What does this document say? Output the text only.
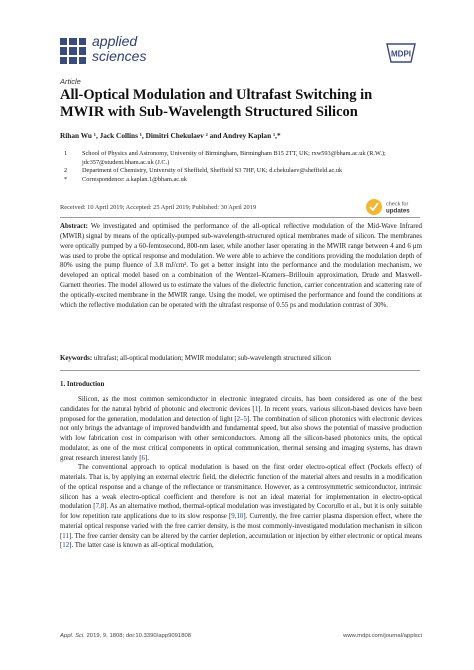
applied
sciences	MDPI
Article
All-Optical Modulation and Ultrafast Switching in MWIR with Sub-Wavelength Structured Silicon
Rihan Wu ¹, Jack Collins ¹, Dimitri Chekulaev ² and Andrey Kaplan ¹,*
1	School of Physics and Astronomy, University of Birmingham, Birmingham B15 2TT, UK; rxw593@bham.ac.uk (R.W.); jdc357@student.bham.ac.uk (J.C.)
2	Department of Chemistry, University of Sheffield, Sheffield S3 7HF, UK; d.chekulaev@sheffield.ac.uk
*	Correspondence: a.kaplan.1@bham.ac.uk
Received: 10 April 2019; Accepted: 25 April 2019; Published: 30 April 2019	check for
updates
Abstract: We investigated and optimised the performance of the all-optical reflective modulation of the Mid-Wave Infrared (MWIR) signal by means of the optically-pumped sub-wavelength-structured optical membranes made of silicon. The membranes were optically pumped by a 60-femtosecond, 800-nm laser, while another laser operating in the MWIR range between 4 and 6 µm was used to probe the optical response and modulation. We were able to achieve the conditions providing the modulation depth of 80% using the pump fluence of 3.8 mJ/cm². To get a better insight into the performance and the modulation mechanism, we developed an optical model based on a combination of the Wentzel–Kramers–Brillouin approximation, Drude and Maxwell-Garnett theories. The model allowed us to estimate the values of the dielectric function, carrier concentration and scattering rate of the optically-excited membrane in the MWIR range. Using the model, we optimised the performance and found the conditions at which the reflective modulation can be operated with the ultrafast response of 0.55 ps and modulation contrast of 30%.
Keywords: ultrafast; all-optical modulation; MWIR modulator; sub-wavelength structured silicon
1. Introduction

Silicon, as the most common semiconductor in electronic integrated circuits, has been considered as one of the best candidates for the natural hybrid of photonic and electronic devices [1]. In recent years, various silicon-based devices have been proposed for the generation, modulation and detection of light [2–5]. The combination of silicon photonics with electronic devices not only brings the advantage of improved bandwidth and fundamental speed, but also shows the potential of massive production with low fabrication cost in comparison with other semiconductors. Among all the silicon-based photonics units, the optical modulator, as one of the most critical components in optical communication, thermal sensing and imaging systems, has drawn great research interest lately [6].

The conventional approach to optical modulation is based on the first order electro-optical effect (Pockels effect) of materials. That is, by applying an external electric field, the dielectric function of the material alters and results in a modification of the optical response and a change of the reflectance or transmittance. However, as a centrosymmetric semiconductor, intrinsic silicon has a weak electro-optical coefficient and therefore is not an ideal material for implementation in electro-optical modulation [7,8]. As an alternative method, thermal-optical modulation was investigated by Cocorullo et al., but it is only suitable for low repetition rate applications due to its slow response [9,10]. Currently, the free carrier plasma dispersion effect, where the material optical response varied with the free carrier density, is the most commonly-investigated modulation mechanism in silicon [11]. The free carrier density can be altered by the carrier depletion, accumulation or injection by either electronic or optical means [12]. The latter case is known as all-optical modulation,

Appl. Sci. 2019, 9, 1808; doi:10.3390/app9091808	www.mdpi.com/journal/applsci
